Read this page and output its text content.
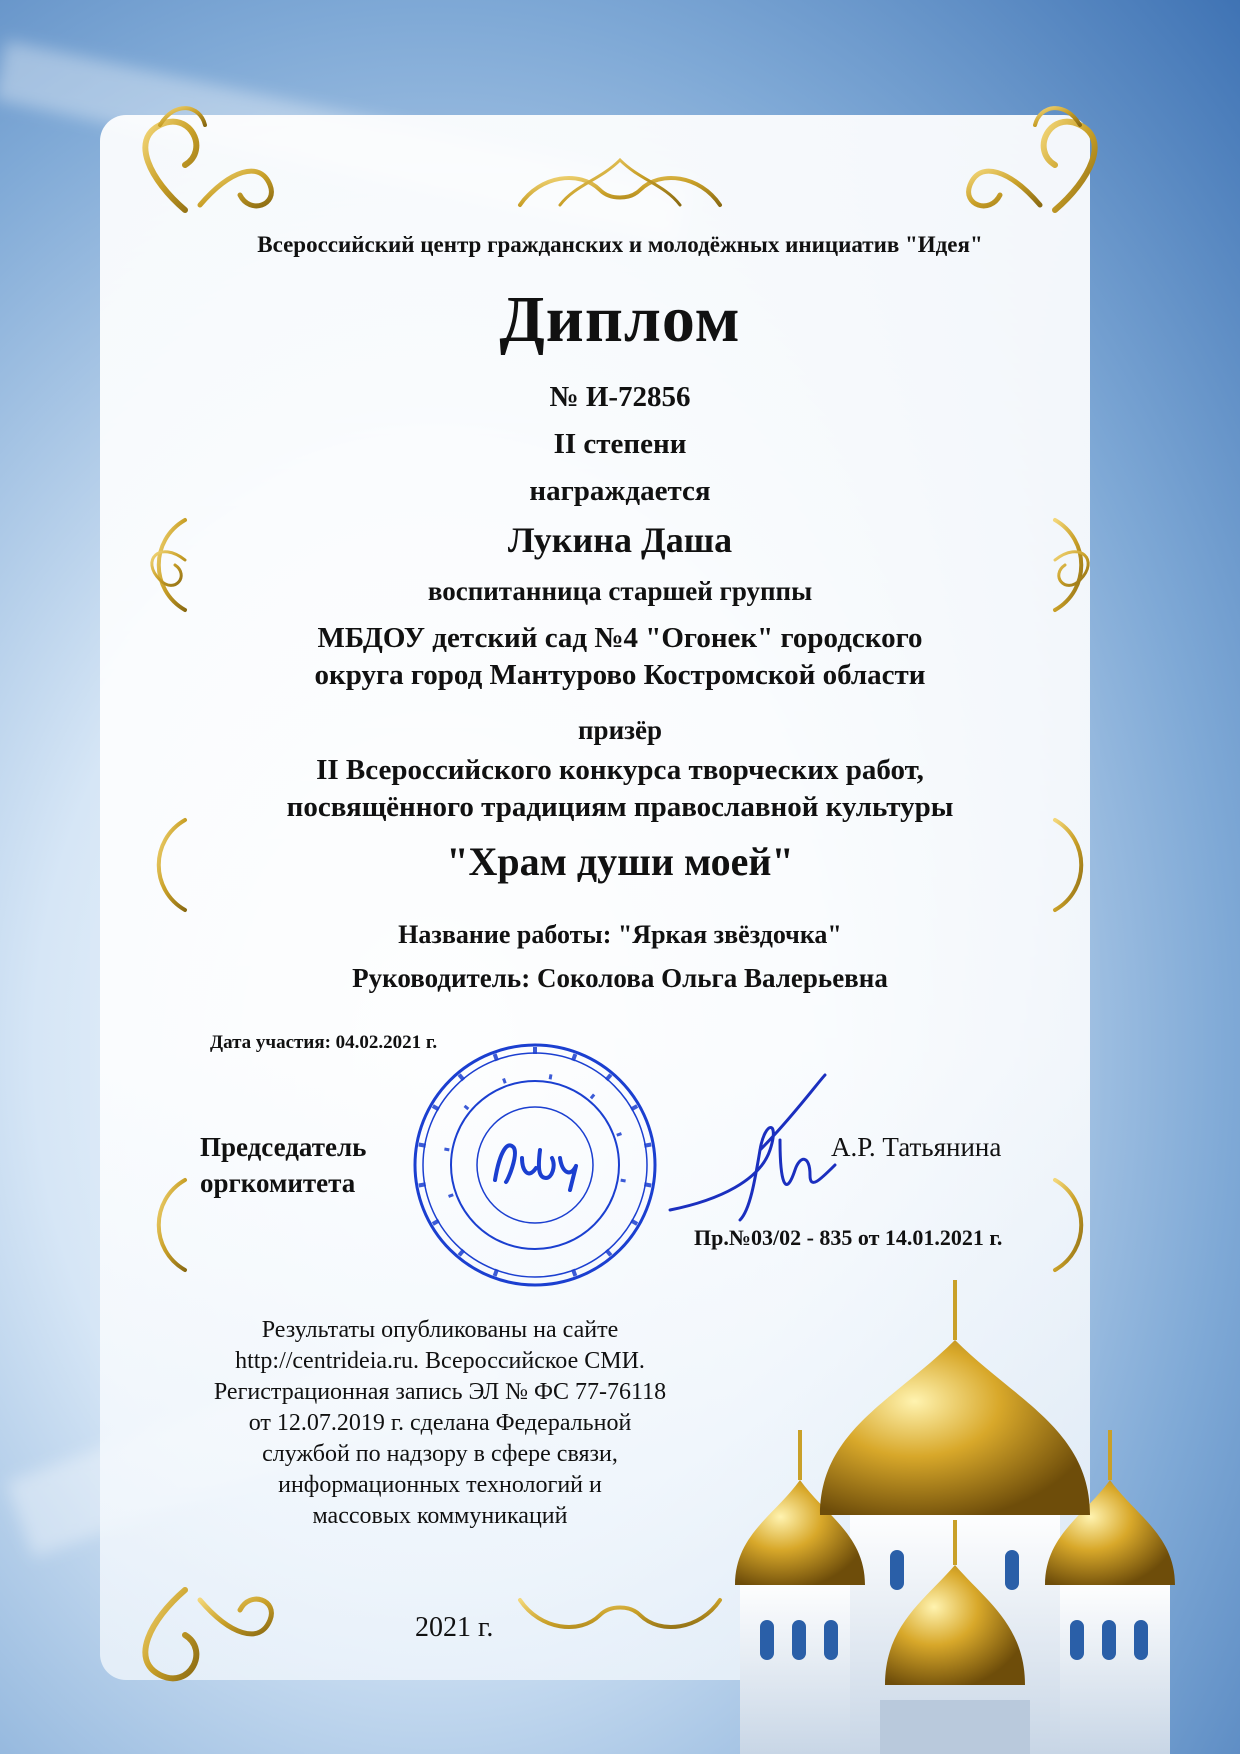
Всероссийский центр гражданских и молодёжных инициатив "Идея"
Диплом
№ И-72856
II степени
награждается
Лукина Даша
воспитанница старшей группы
МБДОУ детский сад №4 "Огонек" городского
округа город Мантурово Костромской области
призёр
II Всероссийского конкурса творческих работ,
посвящённого традициям православной культуры
"Храм души моей"
Название работы: "Яркая звёздочка"
Руководитель: Соколова Ольга Валерьевна
Дата участия: 04.02.2021 г.
Председатель
оргкомитета
А.Р. Татьянина
Пр.№03/02 - 835 от 14.01.2021 г.
Результаты опубликованы на сайте
http://centrideia.ru. Всероссийское СМИ.
Регистрационная запись ЭЛ № ФС 77-76118
от 12.07.2019 г. сделана Федеральной
службой по надзору в сфере связи,
информационных технологий и
массовых коммуникаций
2021 г.
